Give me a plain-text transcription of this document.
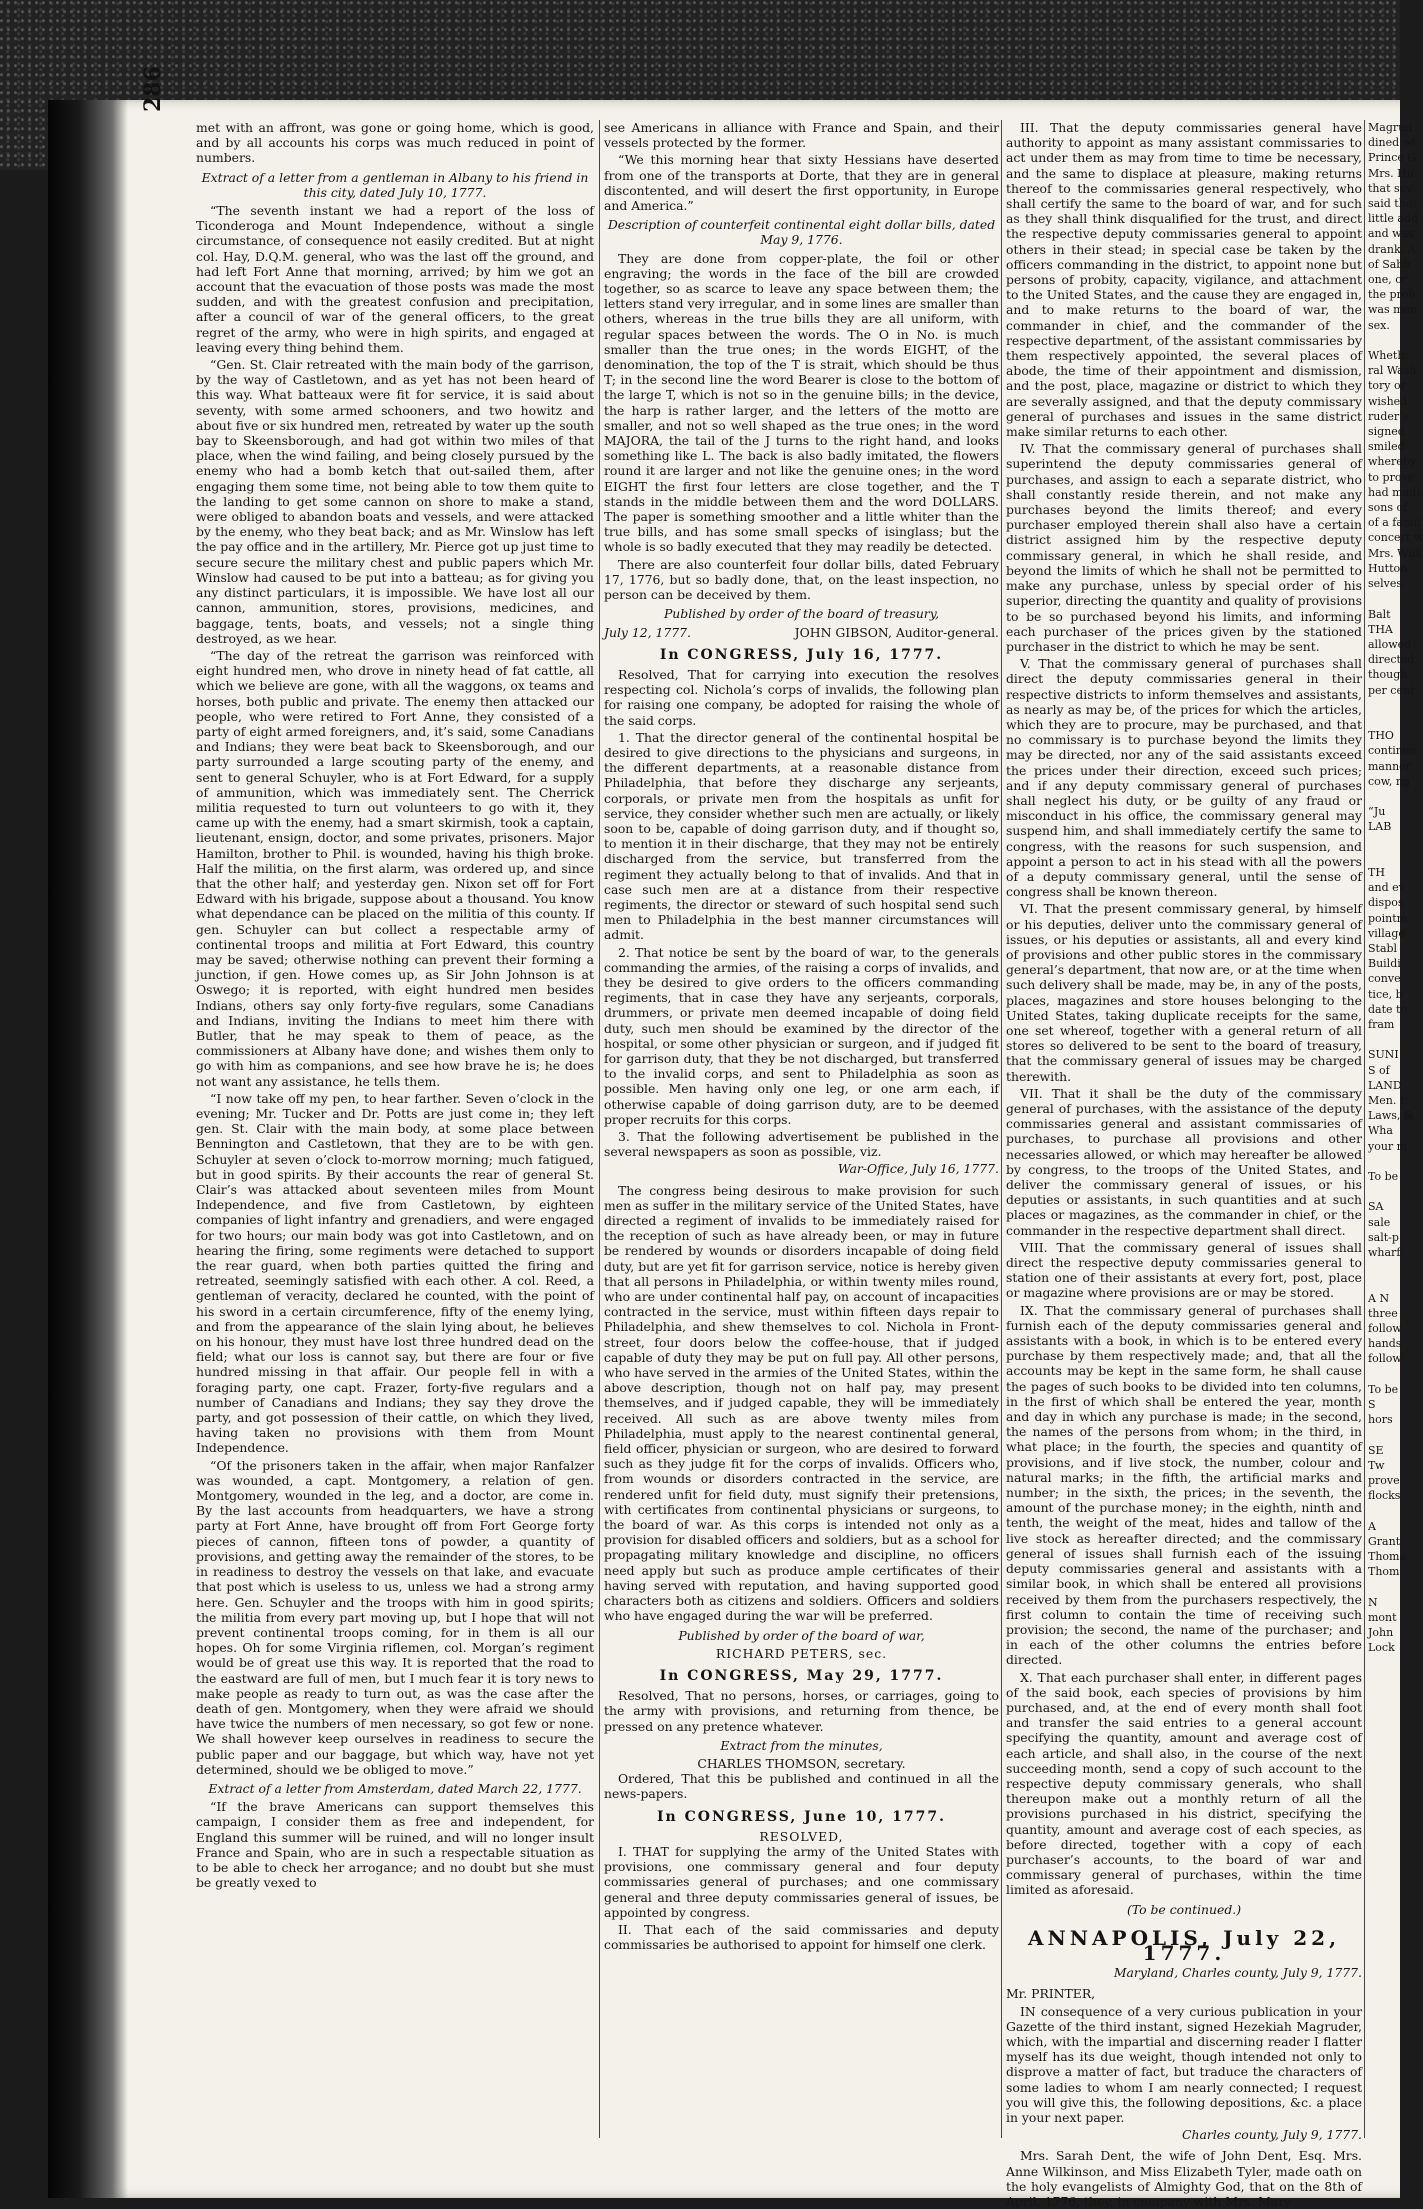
286

met with an affront, was gone or going home, which is good, and by all accounts his corps was much reduced in point of numbers.

Extract of a letter from a gentleman in Albany to his friend in this city, dated July 10, 1777.

“The seventh instant we had a report of the loss of Ticonderoga and Mount Independence, without a single circumstance, of consequence not easily credited. But at night col. Hay, D.Q.M. general, who was the last off the ground, and had left Fort Anne that morning, arrived; by him we got an account that the evacuation of those posts was made the most sudden, and with the greatest confusion and precipitation, after a council of war of the general officers, to the great regret of the army, who were in high spirits, and engaged at leaving every thing behind them.

“Gen. St. Clair retreated with the main body of the garrison, by the way of Castletown, and as yet has not been heard of this way. What batteaux were fit for service, it is said about seventy, with some armed schooners, and two howitz and about five or six hundred men, retreated by water up the south bay to Skeensborough, and had got within two miles of that place, when the wind failing, and being closely pursued by the enemy who had a bomb ketch that out-sailed them, after engaging them some time, not being able to tow them quite to the landing to get some cannon on shore to make a stand, were obliged to abandon boats and vessels, and were attacked by the enemy, who they beat back; and as Mr. Winslow has left the pay office and in the artillery, Mr. Pierce got up just time to secure secure the military chest and public papers which Mr. Winslow had caused to be put into a batteau; as for giving you any distinct particulars, it is impossible. We have lost all our cannon, ammunition, stores, provisions, medicines, and baggage, tents, boats, and vessels; not a single thing destroyed, as we hear.

“The day of the retreat the garrison was reinforced with eight hundred men, who drove in ninety head of fat cattle, all which we believe are gone, with all the waggons, ox teams and horses, both public and private. The enemy then attacked our people, who were retired to Fort Anne, they consisted of a party of eight armed foreigners, and, it’s said, some Canadians and Indians; they were beat back to Skeensborough, and our party surrounded a large scouting party of the enemy, and sent to general Schuyler, who is at Fort Edward, for a supply of ammunition, which was immediately sent. The Cherrick militia requested to turn out volunteers to go with it, they came up with the enemy, had a smart skirmish, took a captain, lieutenant, ensign, doctor, and some privates, prisoners. Major Hamilton, brother to Phil. is wounded, having his thigh broke. Half the militia, on the first alarm, was ordered up, and since that the other half; and yesterday gen. Nixon set off for Fort Edward with his brigade, suppose about a thousand. You know what dependance can be placed on the militia of this county. If gen. Schuyler can but collect a respectable army of continental troops and militia at Fort Edward, this country may be saved; otherwise nothing can prevent their forming a junction, if gen. Howe comes up, as Sir John Johnson is at Oswego; it is reported, with eight hundred men besides Indians, others say only forty-five regulars, some Canadians and Indians, inviting the Indians to meet him there with Butler, that he may speak to them of peace, as the commissioners at Albany have done; and wishes them only to go with him as companions, and see how brave he is; he does not want any assistance, he tells them.

“I now take off my pen, to hear farther. Seven o’clock in the evening; Mr. Tucker and Dr. Potts are just come in; they left gen. St. Clair with the main body, at some place between Bennington and Castletown, that they are to be with gen. Schuyler at seven o’clock to-morrow morning; much fatigued, but in good spirits. By their accounts the rear of general St. Clair’s was attacked about seventeen miles from Mount Independence, and five from Castletown, by eighteen companies of light infantry and grenadiers, and were engaged for two hours; our main body was got into Castletown, and on hearing the firing, some regiments were detached to support the rear guard, when both parties quitted the firing and retreated, seemingly satisfied with each other. A col. Reed, a gentleman of veracity, declared he counted, with the point of his sword in a certain circumference, fifty of the enemy lying, and from the appearance of the slain lying about, he believes on his honour, they must have lost three hundred dead on the field; what our loss is cannot say, but there are four or five hundred missing in that affair. Our people fell in with a foraging party, one capt. Frazer, forty-five regulars and a number of Canadians and Indians; they say they drove the party, and got possession of their cattle, on which they lived, having taken no provisions with them from Mount Independence.

“Of the prisoners taken in the affair, when major Ranfalzer was wounded, a capt. Montgomery, a relation of gen. Montgomery, wounded in the leg, and a doctor, are come in. By the last accounts from headquarters, we have a strong party at Fort Anne, have brought off from Fort George forty pieces of cannon, fifteen tons of powder, a quantity of provisions, and getting away the remainder of the stores, to be in readiness to destroy the vessels on that lake, and evacuate that post which is useless to us, unless we had a strong army here. Gen. Schuyler and the troops with him in good spirits; the militia from every part moving up, but I hope that will not prevent continental troops coming, for in them is all our hopes. Oh for some Virginia riflemen, col. Morgan’s regiment would be of great use this way. It is reported that the road to the eastward are full of men, but I much fear it is tory news to make people as ready to turn out, as was the case after the death of gen. Montgomery, when they were afraid we should have twice the numbers of men necessary, so got few or none. We shall however keep ourselves in readiness to secure the public paper and our baggage, but which way, have not yet determined, should we be obliged to move.”

Extract of a letter from Amsterdam, dated March 22, 1777.

“If the brave Americans can support themselves this campaign, I consider them as free and independent, for England this summer will be ruined, and will no longer insult France and Spain, who are in such a respectable situation as to be able to check her arrogance; and no doubt but she must be greatly vexed to

see Americans in alliance with France and Spain, and their vessels protected by the former.

“We this morning hear that sixty Hessians have deserted from one of the transports at Dorte, that they are in general discontented, and will desert the first opportunity, in Europe and America.”

Description of counterfeit continental eight dollar bills, dated May 9, 1776.

They are done from copper-plate, the foil or other engraving; the words in the face of the bill are crowded together, so as scarce to leave any space between them; the letters stand very irregular, and in some lines are smaller than others, whereas in the true bills they are all uniform, with regular spaces between the words. The O in No. is much smaller than the true ones; in the words EIGHT, of the denomination, the top of the T is strait, which should be thus T; in the second line the word Bearer is close to the bottom of the large T, which is not so in the genuine bills; in the device, the harp is rather larger, and the letters of the motto are smaller, and not so well shaped as the true ones; in the word MAJORA, the tail of the J turns to the right hand, and looks something like L. The back is also badly imitated, the flowers round it are larger and not like the genuine ones; in the word EIGHT the first four letters are close together, and the T stands in the middle between them and the word DOLLARS. The paper is something smoother and a little whiter than the true bills, and has some small specks of isinglass; but the whole is so badly executed that they may readily be detected.

There are also counterfeit four dollar bills, dated February 17, 1776, but so badly done, that, on the least inspection, no person can be deceived by them.

Published by order of the board of treasury,
July 12, 1777.	JOHN GIBSON, Auditor-general.
In CONGRESS, July 16, 1777.

Resolved, That for carrying into execution the resolves respecting col. Nichola’s corps of invalids, the following plan for raising one company, be adopted for raising the whole of the said corps.

1. That the director general of the continental hospital be desired to give directions to the physicians and surgeons, in the different departments, at a reasonable distance from Philadelphia, that before they discharge any serjeants, corporals, or private men from the hospitals as unfit for service, they consider whether such men are actually, or likely soon to be, capable of doing garrison duty, and if thought so, to mention it in their discharge, that they may not be entirely discharged from the service, but transferred from the regiment they actually belong to that of invalids. And that in case such men are at a distance from their respective regiments, the director or steward of such hospital send such men to Philadelphia in the best manner circumstances will admit.

2. That notice be sent by the board of war, to the generals commanding the armies, of the raising a corps of invalids, and they be desired to give orders to the officers commanding regiments, that in case they have any serjeants, corporals, drummers, or private men deemed incapable of doing field duty, such men should be examined by the director of the hospital, or some other physician or surgeon, and if judged fit for garrison duty, that they be not discharged, but transferred to the invalid corps, and sent to Philadelphia as soon as possible. Men having only one leg, or one arm each, if otherwise capable of doing garrison duty, are to be deemed proper recruits for this corps.

3. That the following advertisement be published in the several newspapers as soon as possible, viz.

War-Office, July 16, 1777.

The congress being desirous to make provision for such men as suffer in the military service of the United States, have directed a regiment of invalids to be immediately raised for the reception of such as have already been, or may in future be rendered by wounds or disorders incapable of doing field duty, but are yet fit for garrison service, notice is hereby given that all persons in Philadelphia, or within twenty miles round, who are under continental half pay, on account of incapacities contracted in the service, must within fifteen days repair to Philadelphia, and shew themselves to col. Nichola in Front-street, four doors below the coffee-house, that if judged capable of duty they may be put on full pay. All other persons, who have served in the armies of the United States, within the above description, though not on half pay, may present themselves, and if judged capable, they will be immediately received. All such as are above twenty miles from Philadelphia, must apply to the nearest continental general, field officer, physician or surgeon, who are desired to forward such as they judge fit for the corps of invalids. Officers who, from wounds or disorders contracted in the service, are rendered unfit for field duty, must signify their pretensions, with certificates from continental physicians or surgeons, to the board of war. As this corps is intended not only as a provision for disabled officers and soldiers, but as a school for propagating military knowledge and discipline, no officers need apply but such as produce ample certificates of their having served with reputation, and having supported good characters both as citizens and soldiers. Officers and soldiers who have engaged during the war will be preferred.

Published by order of the board of war,
RICHARD PETERS, sec.
In CONGRESS, May 29, 1777.

Resolved, That no persons, horses, or carriages, going to the army with provisions, and returning from thence, be pressed on any pretence whatever.

Extract from the minutes,
CHARLES THOMSON, secretary.

Ordered, That this be published and continued in all the news-papers.

In CONGRESS, June 10, 1777.
RESOLVED,

I. THAT for supplying the army of the United States with provisions, one commissary general and four deputy commissaries general of purchases; and one commissary general and three deputy commissaries general of issues, be appointed by congress.

II. That each of the said commissaries and deputy commissaries be authorised to appoint for himself one clerk.

III. That the deputy commissaries general have authority to appoint as many assistant commissaries to act under them as may from time to time be necessary, and the same to displace at pleasure, making returns thereof to the commissaries general respectively, who shall certify the same to the board of war, and for such as they shall think disqualified for the trust, and direct the respective deputy commissaries general to appoint others in their stead; in special case be taken by the officers commanding in the district, to appoint none but persons of probity, capacity, vigilance, and attachment to the United States, and the cause they are engaged in, and to make returns to the board of war, the commander in chief, and the commander of the respective department, of the assistant commissaries by them respectively appointed, the several places of abode, the time of their appointment and dismission, and the post, place, magazine or district to which they are severally assigned, and that the deputy commissary general of purchases and issues in the same district make similar returns to each other.

IV. That the commissary general of purchases shall superintend the deputy commissaries general of purchases, and assign to each a separate district, who shall constantly reside therein, and not make any purchases beyond the limits thereof; and every purchaser employed therein shall also have a certain district assigned him by the respective deputy commissary general, in which he shall reside, and beyond the limits of which he shall not be permitted to make any purchase, unless by special order of his superior, directing the quantity and quality of provisions to be so purchased beyond his limits, and informing each purchaser of the prices given by the stationed purchaser in the district to which he may be sent.

V. That the commissary general of purchases shall direct the deputy commissaries general in their respective districts to inform themselves and assistants, as nearly as may be, of the prices for which the articles, which they are to procure, may be purchased, and that no commissary is to purchase beyond the limits they may be directed, nor any of the said assistants exceed the prices under their direction, exceed such prices; and if any deputy commissary general of purchases shall neglect his duty, or be guilty of any fraud or misconduct in his office, the commissary general may suspend him, and shall immediately certify the same to congress, with the reasons for such suspension, and appoint a person to act in his stead with all the powers of a deputy commissary general, until the sense of congress shall be known thereon.

VI. That the present commissary general, by himself or his deputies, deliver unto the commissary general of issues, or his deputies or assistants, all and every kind of provisions and other public stores in the commissary general’s department, that now are, or at the time when such delivery shall be made, may be, in any of the posts, places, magazines and store houses belonging to the United States, taking duplicate receipts for the same, one set whereof, together with a general return of all stores so delivered to be sent to the board of treasury, that the commissary general of issues may be charged therewith.

VII. That it shall be the duty of the commissary general of purchases, with the assistance of the deputy commissaries general and assistant commissaries of purchases, to purchase all provisions and other necessaries allowed, or which may hereafter be allowed by congress, to the troops of the United States, and deliver the commissary general of issues, or his deputies or assistants, in such quantities and at such places or magazines, as the commander in chief, or the commander in the respective department shall direct.

VIII. That the commissary general of issues shall direct the respective deputy commissaries general to station one of their assistants at every fort, post, place or magazine where provisions are or may be stored.

IX. That the commissary general of purchases shall furnish each of the deputy commissaries general and assistants with a book, in which is to be entered every purchase by them respectively made; and, that all the accounts may be kept in the same form, he shall cause the pages of such books to be divided into ten columns, in the first of which shall be entered the year, month and day in which any purchase is made; in the second, the names of the persons from whom; in the third, in what place; in the fourth, the species and quantity of provisions, and if live stock, the number, colour and natural marks; in the fifth, the artificial marks and number; in the sixth, the prices; in the seventh, the amount of the purchase money; in the eighth, ninth and tenth, the weight of the meat, hides and tallow of the live stock as hereafter directed; and the commissary general of issues shall furnish each of the issuing deputy commissaries general and assistants with a similar book, in which shall be entered all provisions received by them from the purchasers respectively, the first column to contain the time of receiving such provision; the second, the name of the purchaser; and in each of the other columns the entries before directed.

X. That each purchaser shall enter, in different pages of the said book, each species of provisions by him purchased, and, at the end of every month shall foot and transfer the said entries to a general account specifying the quantity, amount and average cost of each article, and shall also, in the course of the next succeeding month, send a copy of such account to the respective deputy commissary generals, who shall thereupon make out a monthly return of all the provisions purchased in his district, specifying the quantity, amount and average cost of each species, as before directed, together with a copy of each purchaser’s accounts, to the board of war and commissary general of purchases, within the time limited as aforesaid.

(To be continued.)
ANNAPOLIS, July 22, 1777.
Maryland, Charles county, July 9, 1777.

Mr. PRINTER,

IN consequence of a very curious publication in your Gazette of the third instant, signed Hezekiah Magruder, which, with the impartial and discerning reader I flatter myself has its due weight, though intended not only to disprove a matter of fact, but traduce the characters of some ladies to whom I am nearly connected; I request you will give this, the following depositions, &c. a place in your next paper.

Charles county, July 9, 1777.

Mrs. Sarah Dent, the wife of John Dent, Esq. Mrs. Anne Wilkinson, and Miss Elizabeth Tyler, made oath on the holy evangelists of Almighty God, that on the 8th of April, 1776, they, in company with Mrs. Mary

Magrud
dined wi
Prince G
Mrs. Hu
that sev
said the
little add
and was
drank, A
of Sabb
one, or
the prob
was men
sex.

Wheth
ral Wash
tory or
wished
ruder’s
signed
smiled
whereby
to prove
had made
sons of
of a famil
concert w
Mrs. Wilk
Hutton
selves.

Balt
THA
allowed
directed
though
per cent

THO
continue
manner
cow, ng

“Ju
LAB

TH
and ev
dispos
pointm
village
Stabl
Buildi
conve
tice, b
date to
fram

SUNI
S of
LAND
Men. t
Laws, &
Wha
your m

To be

SA
sale
salt-p
wharf,

A N
three
follow
hands
follow

To be
S
hors

SE
Tw
prove
flocks

A
Grant
Thoma
Thom

N
mont
John
Lock
